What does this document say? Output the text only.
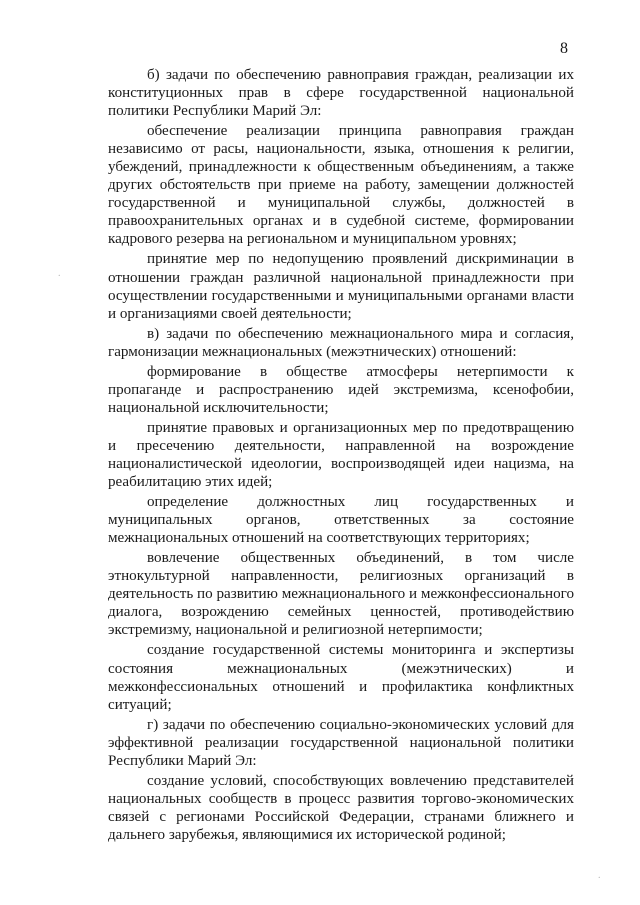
8
.
.

б) задачи по обеспечению равноправия граждан, реализации их конституционных прав в сфере государственной национальной политики Республики Марий Эл:

обеспечение реализации принципа равноправия граждан независимо от расы, национальности, языка, отношения к религии, убеждений, принадлежности к общественным объединениям, а также других обстоятельств при приеме на работу, замещении должностей государственной и муниципальной службы, должностей в правоохранительных органах и в судебной системе, формировании кадрового резерва на региональном и муниципальном уровнях;

принятие мер по недопущению проявлений дискриминации в отношении граждан различной национальной принадлежности при осуществлении государственными и муниципальными органами власти и организациями своей деятельности;

в) задачи по обеспечению межнационального мира и согласия, гармонизации межнациональных (межэтнических) отношений:

формирование в обществе атмосферы нетерпимости к пропаганде и распространению идей экстремизма, ксенофобии, национальной исключительности;

принятие правовых и организационных мер по предотвращению и пресечению деятельности, направленной на возрождение националистической идеологии, воспроизводящей идеи нацизма, на реабилитацию этих идей;

определение должностных лиц государственных и муниципальных органов, ответственных за состояние межнациональных отношений на соответствующих территориях;

вовлечение общественных объединений, в том числе этнокультурной направленности, религиозных организаций в деятельность по развитию межнационального и межконфессионального диалога, возрождению семейных ценностей, противодействию экстремизму, национальной и религиозной нетерпимости;

создание государственной системы мониторинга и экспертизы состояния межнациональных (межэтнических) и межконфессиональных отношений и профилактика конфликтных ситуаций;

г) задачи по обеспечению социально-экономических условий для эффективной реализации государственной национальной политики Республики Марий Эл:

создание условий, способствующих вовлечению представителей национальных сообществ в процесс развития торгово-экономических связей с регионами Российской Федерации, странами ближнего и дальнего зарубежья, являющимися их исторической родиной;
